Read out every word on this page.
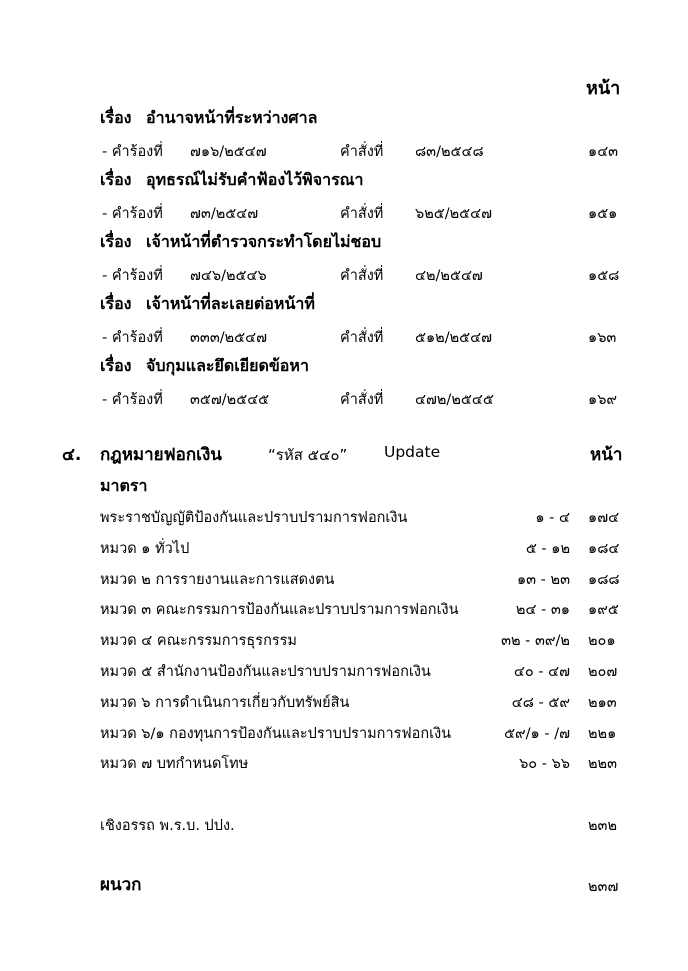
หน้า
เรื่อง อำนาจหน้าที่ระหว่างศาล
- คำร้องที่ ๗๑๖/๒๕๔๗	คำสั่งที่ ๘๓/๒๕๔๘	๑๔๓
เรื่อง อุทธรณ์ไม่รับคำฟ้องไว้พิจารณา
- คำร้องที่ ๗๓/๒๕๔๗	คำสั่งที่ ๖๒๕/๒๕๔๗	๑๕๑
เรื่อง เจ้าหน้าที่ตำรวจกระทำโดยไม่ชอบ
- คำร้องที่ ๗๔๖/๒๕๔๖	คำสั่งที่ ๔๒/๒๕๔๗	๑๕๘
เรื่อง เจ้าหน้าที่ละเลยต่อหน้าที่
- คำร้องที่ ๓๓๓/๒๕๔๗	คำสั่งที่ ๕๑๒/๒๕๔๗	๑๖๓
เรื่อง จับกุมและยึดเยียดข้อหา
- คำร้องที่ ๓๕๗/๒๕๔๕	คำสั่งที่ ๔๗๒/๒๕๔๕	๑๖๙
๔. กฎหมายฟอกเงิน	“รหัส ๕๔๐” Update	หน้า
มาตรา
พระราชบัญญัติป้องกันและปราบปรามการฟอกเงิน	๑ - ๔ ๑๗๔
หมวด ๑ ทั่วไป	๕ - ๑๒ ๑๘๔
หมวด ๒ การรายงานและการแสดงตน	๑๓ - ๒๓ ๑๘๘
หมวด ๓ คณะกรรมการป้องกันและปราบปรามการฟอกเงิน	๒๔ - ๓๑ ๑๙๕
หมวด ๔ คณะกรรมการธุรกรรม	๓๒ - ๓๙/๒ ๒๐๑
หมวด ๕ สำนักงานป้องกันและปราบปรามการฟอกเงิน	๔๐ - ๔๗ ๒๐๗
หมวด ๖ การดำเนินการเกี่ยวกับทรัพย์สิน	๔๘ - ๕๙ ๒๑๓
หมวด ๖/๑ กองทุนการป้องกันและปราบปรามการฟอกเงิน	๕๙/๑ - /๗ ๒๒๑
หมวด ๗ บทกำหนดโทษ	๖๐ - ๖๖ ๒๒๓
เชิงอรรถ พ.ร.บ. ปปง.	๒๓๒
ผนวก	๒๓๗
